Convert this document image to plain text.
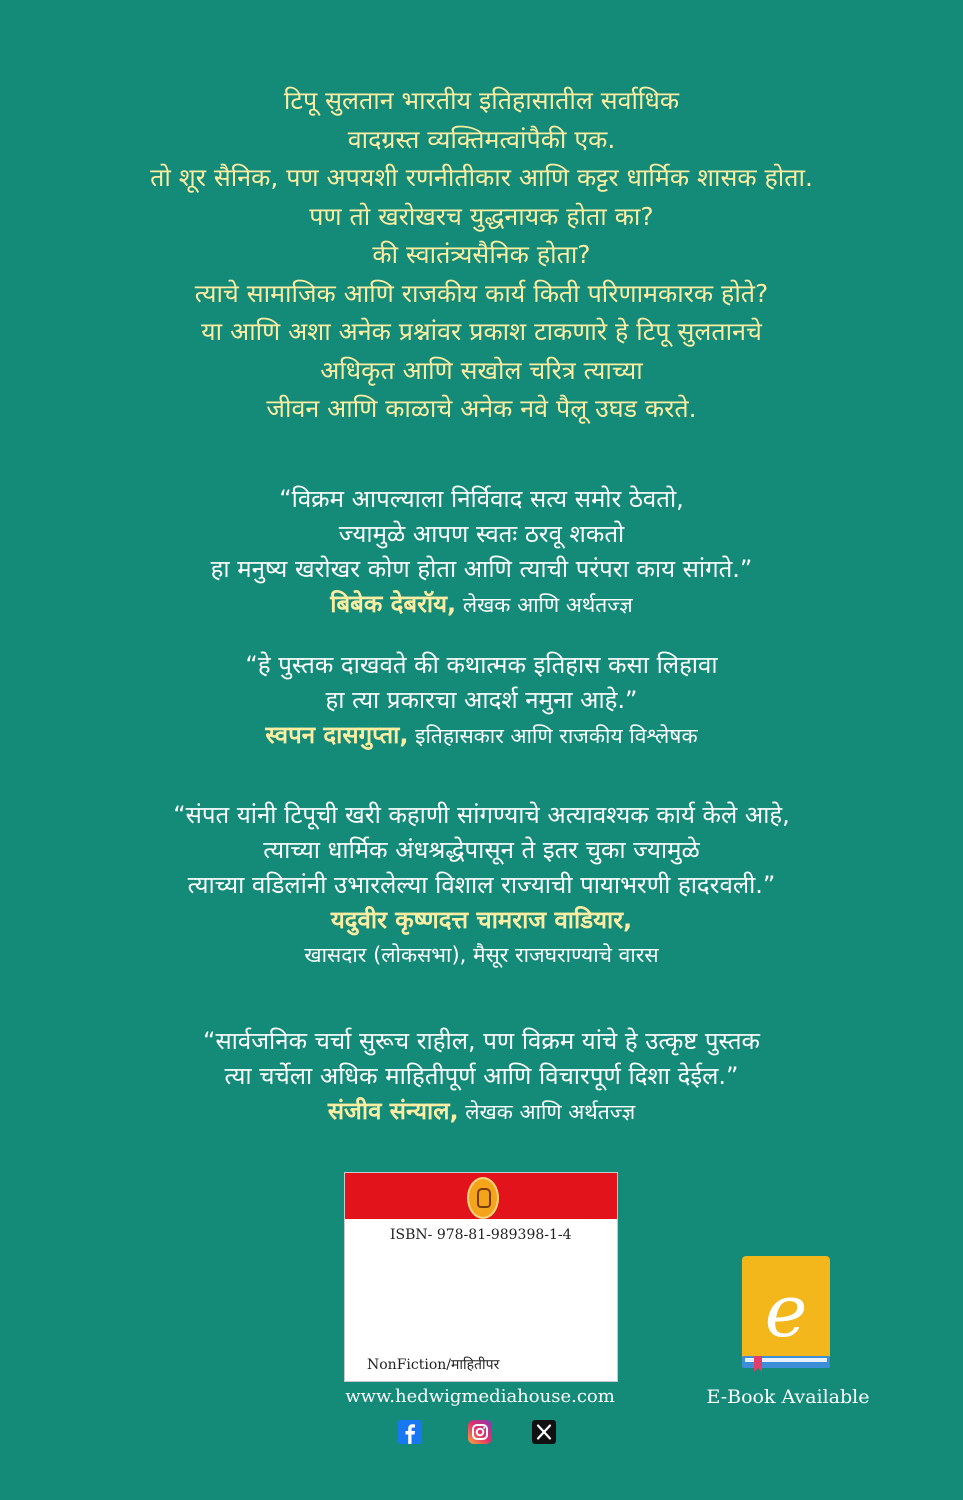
टिपू सुलतान भारतीय इतिहासातील सर्वाधिक
वादग्रस्त व्यक्तिमत्वांपैकी एक.
तो शूर सैनिक, पण अपयशी रणनीतीकार आणि कट्टर धार्मिक शासक होता.
पण तो खरोखरच युद्धनायक होता का?
की स्वातंत्र्यसैनिक होता?
त्याचे सामाजिक आणि राजकीय कार्य किती परिणामकारक होते?
या आणि अशा अनेक प्रश्नांवर प्रकाश टाकणारे हे टिपू सुलतानचे
अधिकृत आणि सखोल चरित्र त्याच्या
जीवन आणि काळाचे अनेक नवे पैलू उघड करते.
“विक्रम आपल्याला निर्विवाद सत्य समोर ठेवतो,
ज्यामुळे आपण स्वतः ठरवू शकतो
हा मनुष्य खरोखर कोण होता आणि त्याची परंपरा काय सांगते.”
बिबेक देबरॉय, लेखक आणि अर्थतज्ज्ञ
“हे पुस्तक दाखवते की कथात्मक इतिहास कसा लिहावा
हा त्या प्रकारचा आदर्श नमुना आहे.”
स्वपन दासगुप्ता, इतिहासकार आणि राजकीय विश्लेषक
“संपत यांनी टिपूची खरी कहाणी सांगण्याचे अत्यावश्यक कार्य केले आहे,
त्याच्या धार्मिक अंधश्रद्धेपासून ते इतर चुका ज्यामुळे
त्याच्या वडिलांनी उभारलेल्या विशाल राज्याची पायाभरणी हादरवली.”
यदुवीर कृष्णदत्त चामराज वाडियार,
खासदार (लोकसभा), मैसूर राजघराण्याचे वारस
“सार्वजनिक चर्चा सुरूच राहील, पण विक्रम यांचे हे उत्कृष्ट पुस्तक
त्या चर्चेला अधिक माहितीपूर्ण आणि विचारपूर्ण दिशा देईल.”
संजीव संन्याल, लेखक आणि अर्थतज्ज्ञ
ISBN- 978-81-989398-1-4
NonFiction/माहितीपर
www.hedwigmediahouse.com
e
E-Book Available
